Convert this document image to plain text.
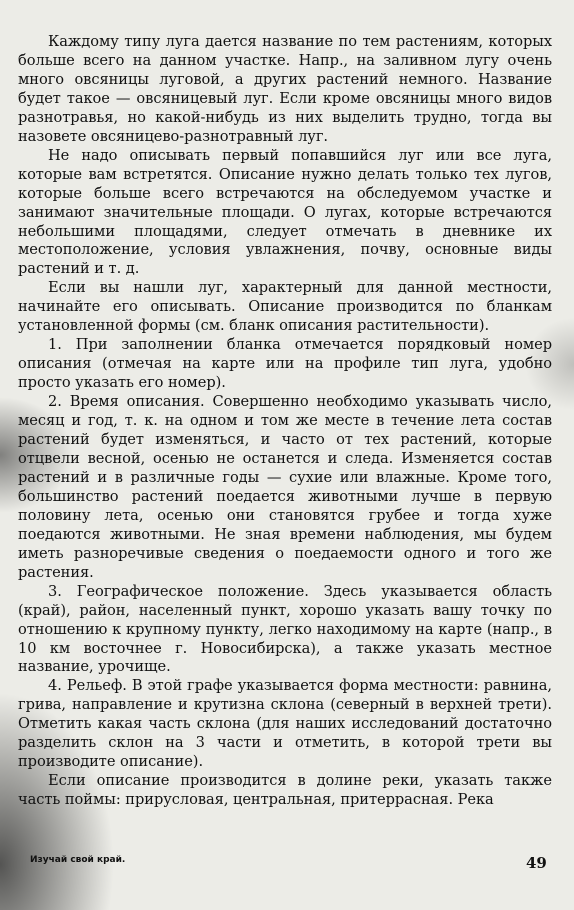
Каждому типу луга дается название по тем растениям, которых больше всего на данном участке. Напр., на заливном лугу очень много овсяницы луговой, а других растений немного. Название будет такое — овсяницевый луг. Если кроме овсяницы много видов разнотравья, но какой-нибудь из них выделить трудно, тогда вы назовете овсяницево-разнотравный луг.

Не надо описывать первый попавшийся луг или все луга, которые вам встретятся. Описание нужно делать только тех лугов, которые больше всего встречаются на обследуемом участке и занимают значительные площади. О лугах, которые встречаются небольшими площадями, следует отмечать в дневнике их местоположение, условия увлажнения, почву, основные виды растений и т. д.

Если вы нашли луг, характерный для данной местности, начинайте его описывать. Описание производится по бланкам установленной формы (см. бланк описания растительности).

1. При заполнении бланка отмечается порядковый номер описания (отмечая на карте или на профиле тип луга, удобно просто указать его номер).

2. Время описания. Совершенно необходимо указывать число, месяц и год, т. к. на одном и том же месте в течение лета состав растений будет изменяться, и часто от тех растений, которые отцвели весной, осенью не останется и следа. Изменяется состав растений и в различные годы — сухие или влажные. Кроме того, большинство растений поедается животными лучше в первую половину лета, осенью они становятся грубее и тогда хуже поедаются животными. Не зная времени наблюдения, мы будем иметь разноречивые сведения о поедаемости одного и того же растения.

3. Географическое положение. Здесь указывается область (край), район, населенный пункт, хорошо указать вашу точку по отношению к крупному пункту, легко находимому на карте (напр., в 10 км восточнее г. Новосибирска), а также указать местное название, урочище.

4. Рельеф. В этой графе указывается форма местности: равнина, грива, направление и крутизна склона (северный в верхней трети). Отметить какая часть склона (для наших исследований достаточно разделить склон на 3 части и отметить, в которой трети вы производите описание).

Если описание производится в долине реки, указать также часть поймы: прирусловая, центральная, притеррасная. Река

Изучай свой край.	49
